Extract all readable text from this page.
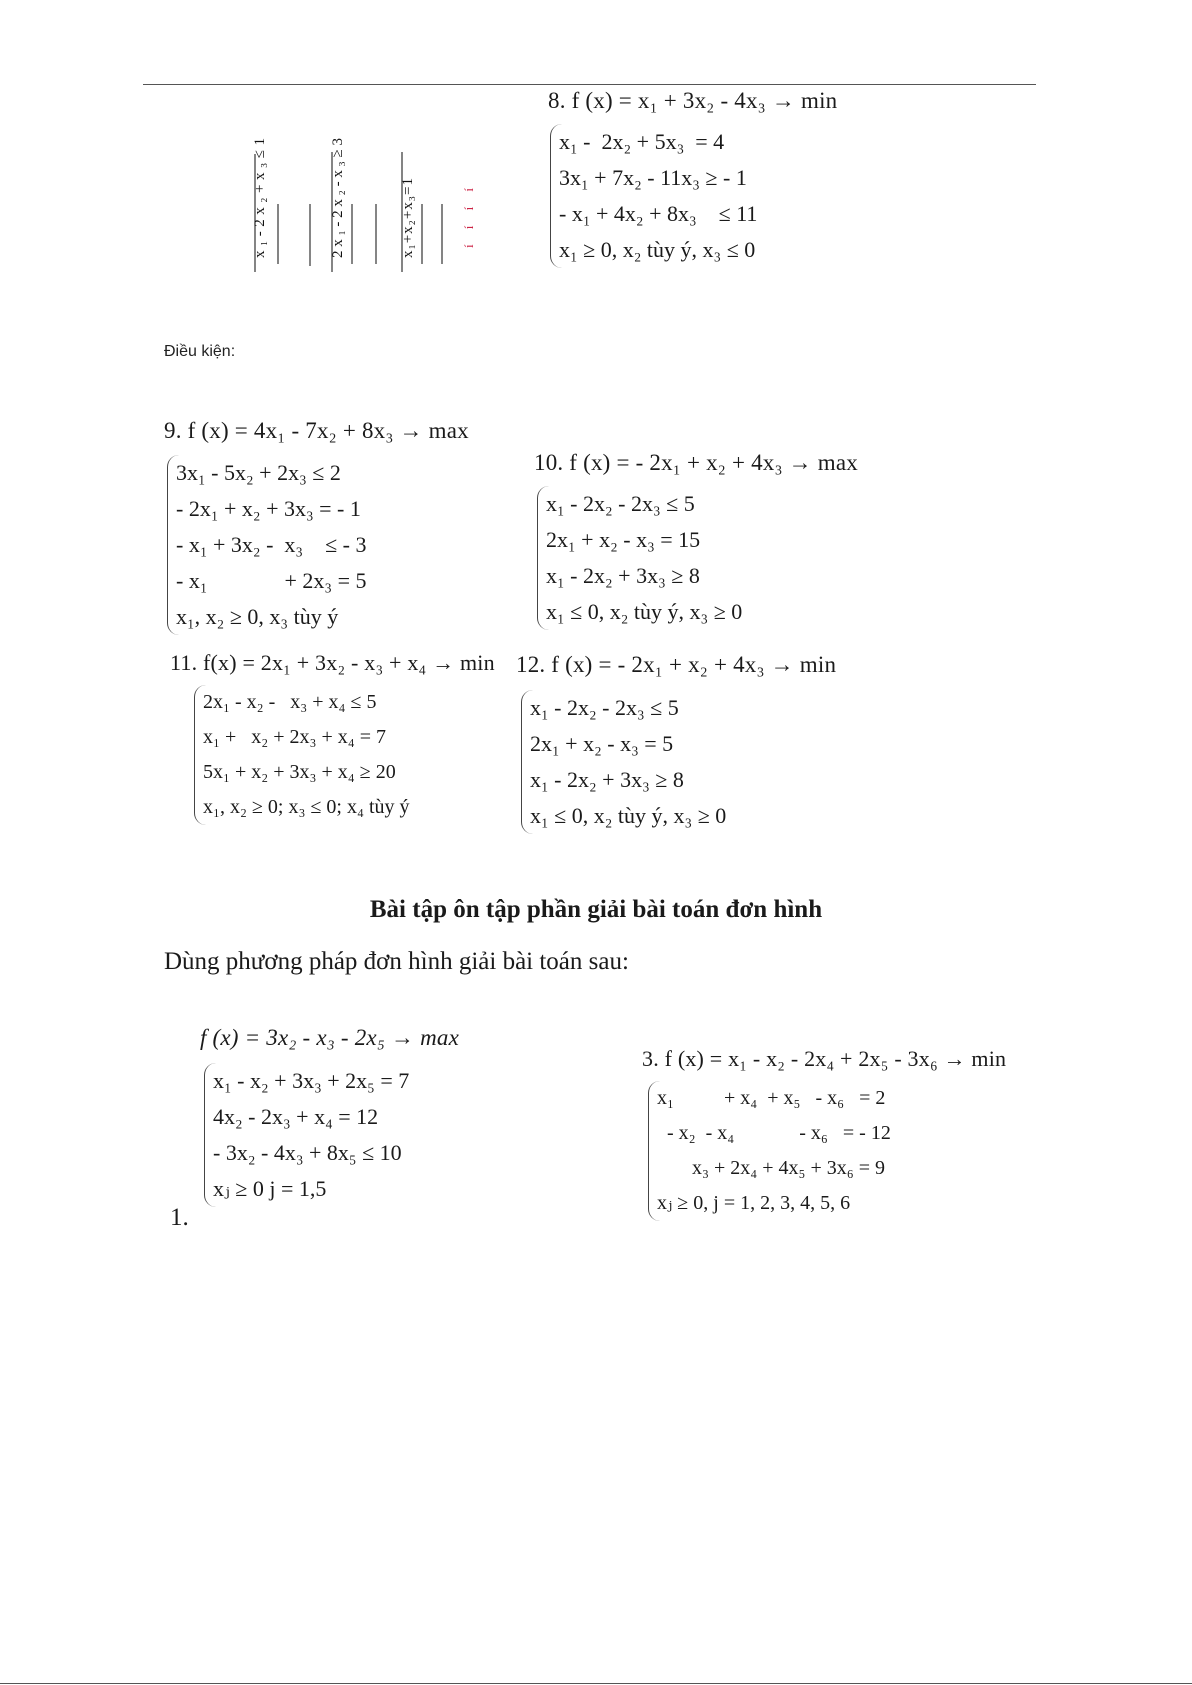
8. f (x) = x₁ + 3x₂ - 4x₃ → min
x₁ -  2x₂ + 5x₃  = 4
3x₁ + 7x₂ - 11x₃ ≥ - 1
- x₁ + 4x₂ + 8x₃    ≤ 11
x₁ ≥ 0, x₂ tùy ý, x₃ ≤ 0
x₁-2x₂+x₃≤1
2x₁-2x₂-x₃≥3
x₁+x₂+x₃=1
íííí
Điều kiện:
9. f (x) = 4x₁ - 7x₂ + 8x₃ → max
3x₁ - 5x₂ + 2x₃ ≤ 2
- 2x₁ + x₂ + 3x₃ = - 1
- x₁ + 3x₂ -  x₃    ≤ - 3
- x₁              + 2x₃ = 5
x₁, x₂ ≥ 0, x₃ tùy ý
10. f (x) = - 2x₁ + x₂ + 4x₃ → max
x₁ - 2x₂ - 2x₃ ≤ 5
2x₁ + x₂ - x₃ = 15
x₁ - 2x₂ + 3x₃ ≥ 8
x₁ ≤ 0, x₂ tùy ý, x₃ ≥ 0
11. f(x) = 2x₁ + 3x₂ - x₃ + x₄ → min
2x₁ - x₂ -   x₃ + x₄ ≤ 5
x₁ +   x₂ + 2x₃ + x₄ = 7
5x₁ + x₂ + 3x₃ + x₄ ≥ 20
x₁, x₂ ≥ 0; x₃ ≤ 0; x₄ tùy ý
12. f (x) = - 2x₁ + x₂ + 4x₃ → min
x₁ - 2x₂ - 2x₃ ≤ 5
2x₁ + x₂ - x₃ = 5
x₁ - 2x₂ + 3x₃ ≥ 8
x₁ ≤ 0, x₂ tùy ý, x₃ ≥ 0
Bài tập ôn tập phần giải bài toán đơn hình
Dùng phương pháp đơn hình giải bài toán sau:
f (x) = 3x₂ - x₃ - 2x₅ → max
x₁ - x₂ + 3x₃ + 2x₅ = 7
4x₂ - 2x₃ + x₄ = 12
- 3x₂ - 4x₃ + 8x₅ ≤ 10
xⱼ ≥ 0 j = 1,5
1.
3. f (x) = x₁ - x₂ - 2x₄ + 2x₅ - 3x₆ → min
x₁          + x₄  + x₅   - x₆   = 2
- x₂  - x₄             - x₆   = - 12
x₃ + 2x₄ + 4x₅ + 3x₆ = 9
xⱼ ≥ 0, j = 1, 2, 3, 4, 5, 6
